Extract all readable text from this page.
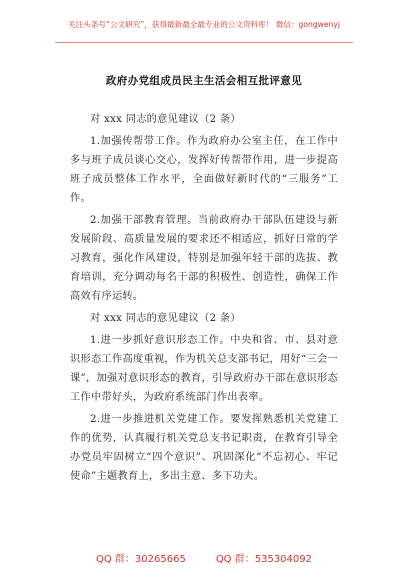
关注头条号“公文研究”，获得最新最全最专业的公文资料库！ 微信：gongwenyj
政府办党组成员民主生活会相互批评意见

对 xxx 同志的意见建议（2 条）

1.加强传帮带工作。作为政府办公室主任，在工作中多与班子成员谈心交心，发挥好传帮带作用，进一步提高班子成员整体工作水平，全面做好新时代的“三服务”工作。

2.加强干部教育管理。当前政府办干部队伍建设与新发展阶段、高质量发展的要求还不相适应，抓好日常的学习教育，强化作风建设，特别是加强年轻干部的选拔、教育培训，充分调动每名干部的积极性、创造性，确保工作高效有序运转。

对 xxx 同志的意见建议（2 条）

1.进一步抓好意识形态工作。中央和省、市、县对意识形态工作高度重视，作为机关总支部书记，用好“三会一课”，加强对意识形态的教育，引导政府办干部在意识形态工作中带好头，为政府系统部门作出表率。

2.进一步推进机关党建工作。要发挥熟悉机关党建工作的优势，认真履行机关党总支书记职责，在教育引导全办党员牢固树立“四个意识”、巩固深化“不忘初心、牢记使命”主题教育上，多出主意、多下功夫。

QQ 群：30265665	QQ 群：535304092
